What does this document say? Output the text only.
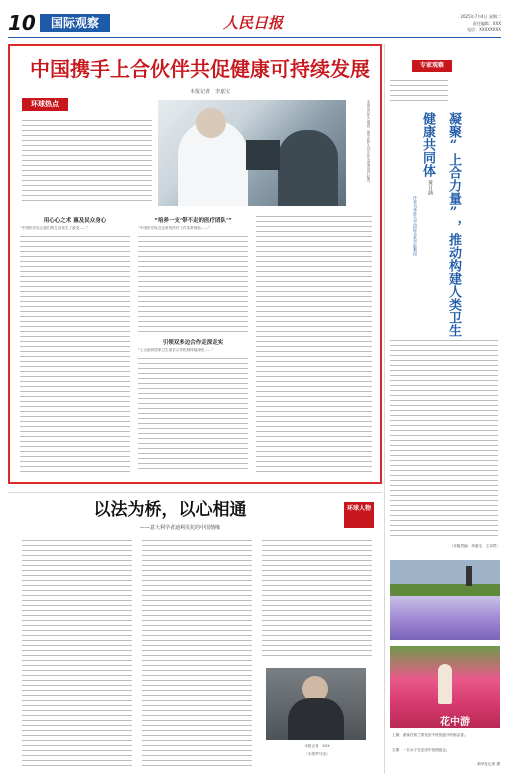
10	国际观察	人民日报	2025年7月4日 星期二
责任编辑：XXX
电话：XXXXXXXX
中国携手上合伙伴共促健康可持续发展
本报记者　李嘉宝
环球热点	本图由合作方提供，图中医护人员正在为患者进行检查。
用心心之术 惠及民众身心
“中国医疗队让我们的生活发生了改变……”
“培养一支‘带不走的医疗团队’”
“中国医疗队在这里的医疗工作非常细致……”
引领双多边合作走深走实
“上合组织国家卫生部长合作机制持续深化……”
专家观察
凝聚“上合力量”，推动构建人类卫生健康共同体
黄日涵
作者为华侨大学国际关系学院教授
（本版责编：李嘉宝　王卓然）
以法为桥，以心相通
——意大利学者迪利贝托的中国情缘
环球人物
本报记者　XXX
（本报罗马电）
花中游
上图：游客在荷兰的花田中欣赏盛开的郁金香。
左图：一名女子在花田中拍照留念。
新华社记者 摄
